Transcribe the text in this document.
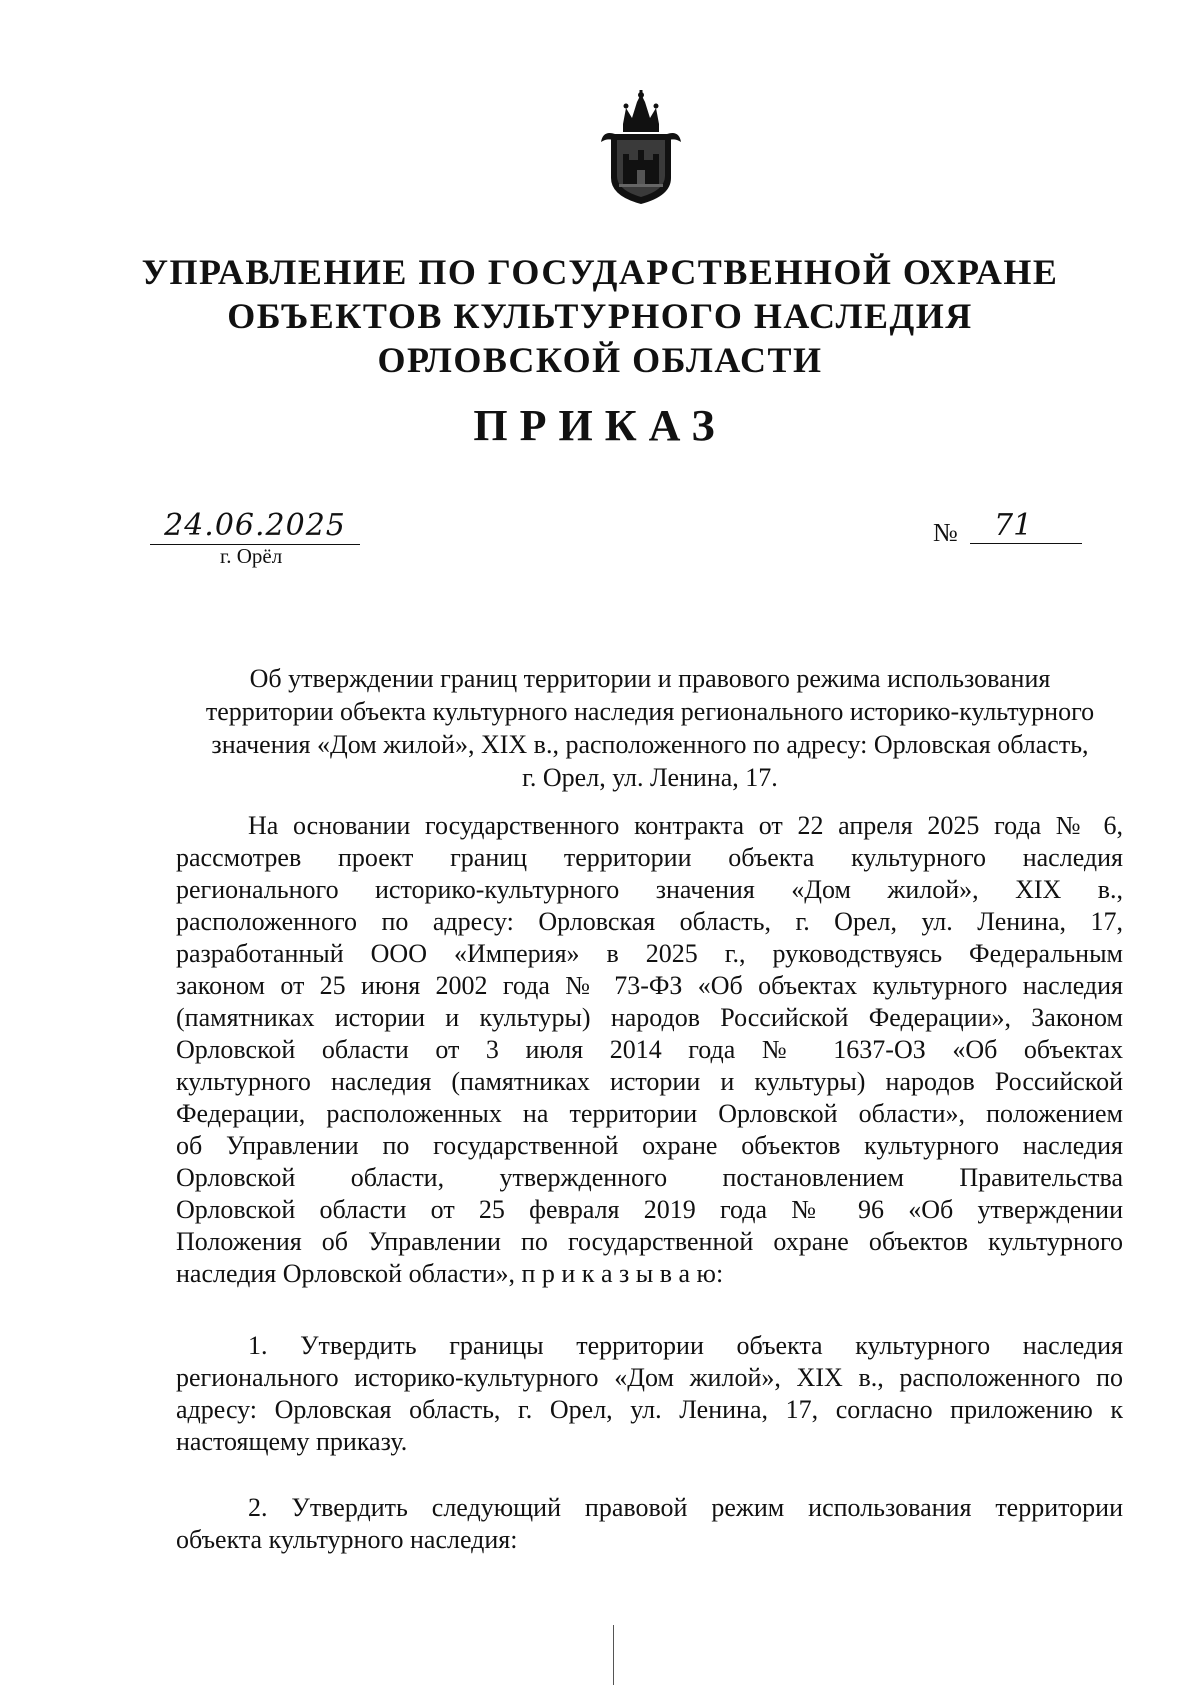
УПРАВЛЕНИЕ ПО ГОСУДАРСТВЕННОЙ ОХРАНЕ
ОБЪЕКТОВ КУЛЬТУРНОГО НАСЛЕДИЯ
ОРЛОВСКОЙ ОБЛАСТИ
ПРИКАЗ
24.06.2025
г. Орёл
№	71
Об утверждении границ территории и правового режима использования
территории объекта культурного наследия регионального историко-культурного
значения «Дом жилой», XIX в., расположенного по адресу: Орловская область,
г. Орел, ул. Ленина, 17.
На основании государственного контракта от 22 апреля 2025 года № 6,
рассмотрев проект границ территории объекта культурного наследия
регионального историко-культурного значения «Дом жилой», XIX в.,
расположенного по адресу: Орловская область, г. Орел, ул. Ленина, 17,
разработанный ООО «Империя» в 2025 г., руководствуясь Федеральным
законом от 25 июня 2002 года № 73-ФЗ «Об объектах культурного наследия
(памятниках истории и культуры) народов Российской Федерации», Законом
Орловской области от 3 июля 2014 года № 1637-ОЗ «Об объектах
культурного наследия (памятниках истории и культуры) народов Российской
Федерации, расположенных на территории Орловской области», положением
об Управлении по государственной охране объектов культурного наследия
Орловской области, утвержденного постановлением Правительства
Орловской области от 25 февраля 2019 года № 96 «Об утверждении
Положения об Управлении по государственной охране объектов культурного
наследия Орловской области», п р и к а з ы в а ю:
1. Утвердить границы территории объекта культурного наследия
регионального историко-культурного «Дом жилой», XIX в., расположенного по
адресу: Орловская область, г. Орел, ул. Ленина, 17, согласно приложению к
настоящему приказу.
2. Утвердить следующий правовой режим использования территории
объекта культурного наследия:
